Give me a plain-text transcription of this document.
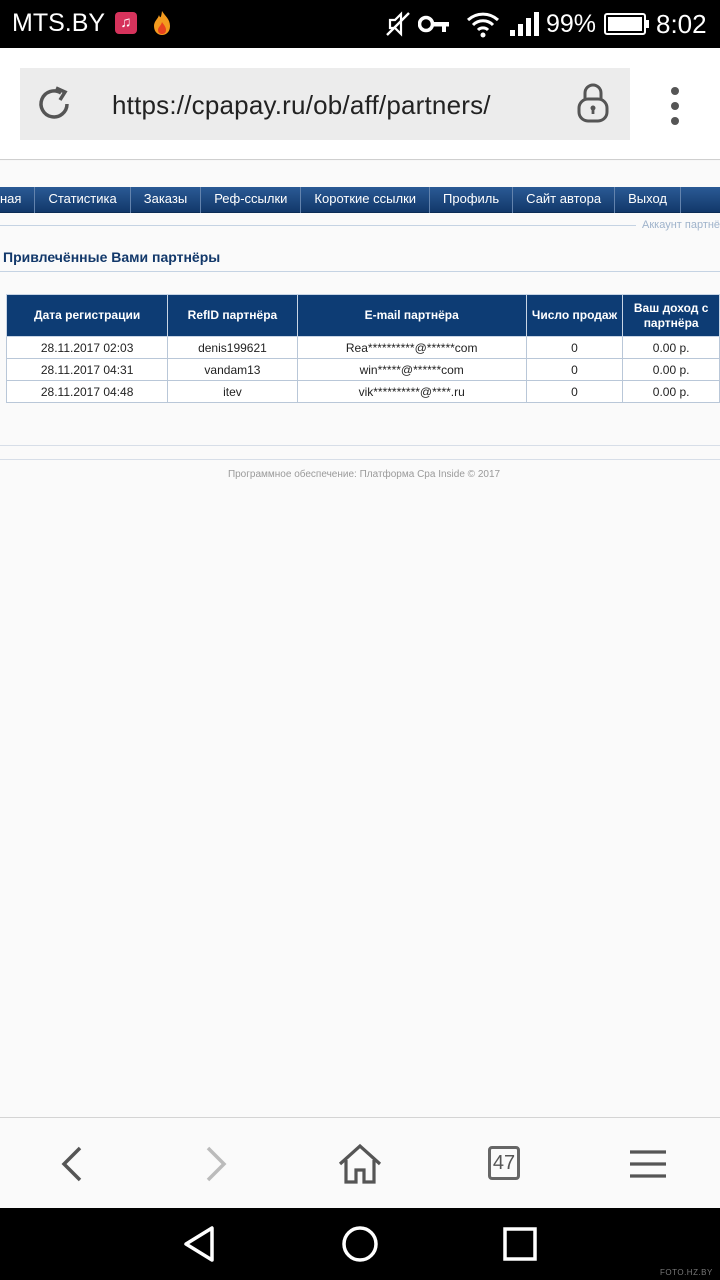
MTS.BY	♫	99% 8:02
https://cpapay.ru/ob/aff/partners/
ная	Статистика	Заказы	Реф-ссылки	Короткие ссылки	Профиль	Сайт автора	Выход
Аккаунт партнё
Привлечённые Вами партнёры
Дата регистрации	RefID партнёра	E-mail партнёра	Число продаж	Ваш доход с партнёра
28.11.2017 02:03	denis199621	Rea**********@******com	0	0.00 р.
28.11.2017 04:31	vandam13	win*****@******com	0	0.00 р.
28.11.2017 04:48	itev	vik**********@****.ru	0	0.00 р.
Программное обеспечение: Платформа Cpa Inside © 2017
47
FOTO.HZ.BY
